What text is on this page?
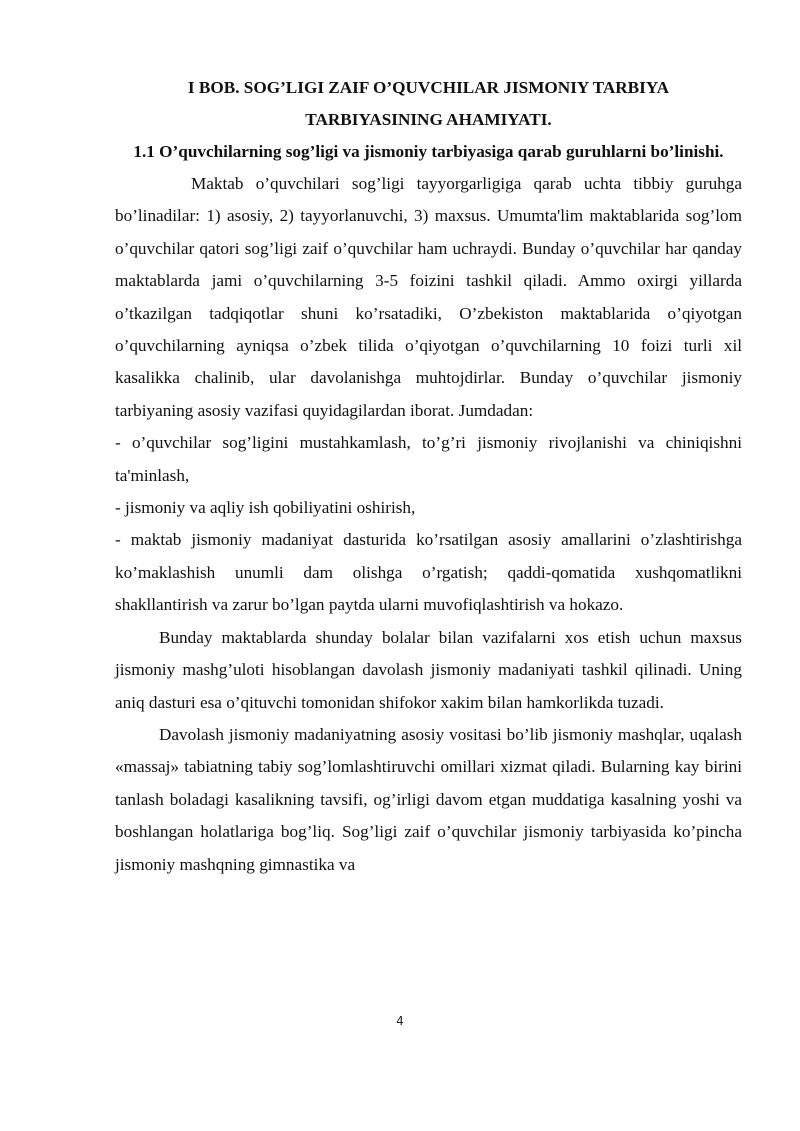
I BOB. SOG’LIGI ZAIF O’QUVCHILAR JISMONIY TARBIYA TARBIYASINING AHAMIYATI.
1.1 O’quvchilarning sog’ligi va jismoniy tarbiyasiga qarab guruhlarni bo’linishi.

Maktab o’quvchilari sog’ligi tayyorgarligiga qarab uchta tibbiy guruhga bo’linadilar: 1) asosiy, 2) tayyorlanuvchi, 3) maxsus. Umumta'lim maktablarida sog’lom o’quvchilar qatori sog’ligi zaif o’quvchilar ham uchraydi. Bunday o’quvchilar har qanday maktablarda jami o’quvchilarning 3-5 foizini tashkil qiladi. Ammo oxirgi yillarda o’tkazilgan tadqiqotlar shuni ko’rsatadiki, O’zbekiston maktablarida o’qiyotgan o’quvchilarning ayniqsa o’zbek tilida o’qiyotgan o’quvchilarning 10 foizi turli xil kasalikka chalinib, ular davolanishga muhtojdirlar. Bunday o’quvchilar jismoniy tarbiyaning asosiy vazifasi quyidagilardan iborat. Jumdadan:

- o’quvchilar sog’ligini mustahkamlash, to’g’ri jismoniy rivojlanishi va chiniqishni ta'minlash,

- jismoniy va aqliy ish qobiliyatini oshirish,

- maktab jismoniy madaniyat dasturida ko’rsatilgan asosiy amallarini o’zlashtirishga ko’maklashish unumli dam olishga o’rgatish; qaddi-qomatida xushqomatlikni shakllantirish va zarur bo’lgan paytda ularni muvofiqlashtirish va hokazo.

Bunday maktablarda shunday bolalar bilan vazifalarni xos etish uchun maxsus jismoniy mashg’uloti hisoblangan davolash jismoniy madaniyati tashkil qilinadi. Uning aniq dasturi esa o’qituvchi tomonidan shifokor xakim bilan hamkorlikda tuzadi.

Davolash jismoniy madaniyatning asosiy vositasi bo’lib jismoniy mashqlar, uqalash «massaj» tabiatning tabiy sog’lomlashtiruvchi omillari xizmat qiladi. Bularning kay birini tanlash boladagi kasalikning tavsifi, og’irligi davom etgan muddatiga kasalning yoshi va boshlangan holatlariga bog’liq. Sog’ligi zaif o’quvchilar jismoniy tarbiyasida ko’pincha jismoniy mashqning gimnastika va

4
